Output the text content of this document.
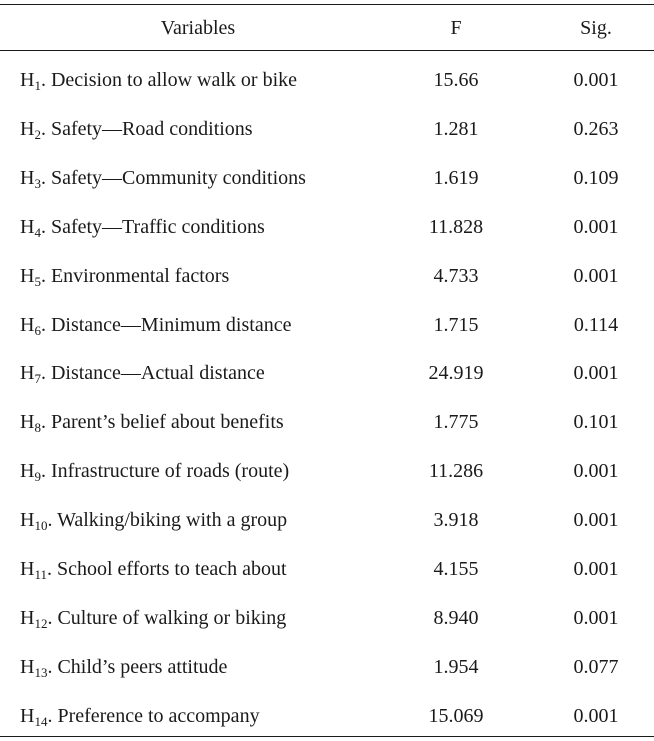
Variables	F	Sig.
$H_1$. Decision to allow walk or bike	15.66	0.001
$H_2$. Safety—Road conditions	1.281	0.263
$H_3$. Safety—Community conditions	1.619	0.109
$H_4$. Safety—Traffic conditions	11.828	0.001
$H_5$. Environmental factors	4.733	0.001
$H_6$. Distance—Minimum distance	1.715	0.114
$H_7$. Distance—Actual distance	24.919	0.001
$H_8$. Parent’s belief about benefits	1.775	0.101
$H_9$. Infrastructure of roads (route)	11.286	0.001
$H_{10}$. Walking/biking with a group	3.918	0.001
$H_{11}$. School efforts to teach about	4.155	0.001
$H_{12}$. Culture of walking or biking	8.940	0.001
$H_{13}$. Child’s peers attitude	1.954	0.077
$H_{14}$. Preference to accompany	15.069	0.001
